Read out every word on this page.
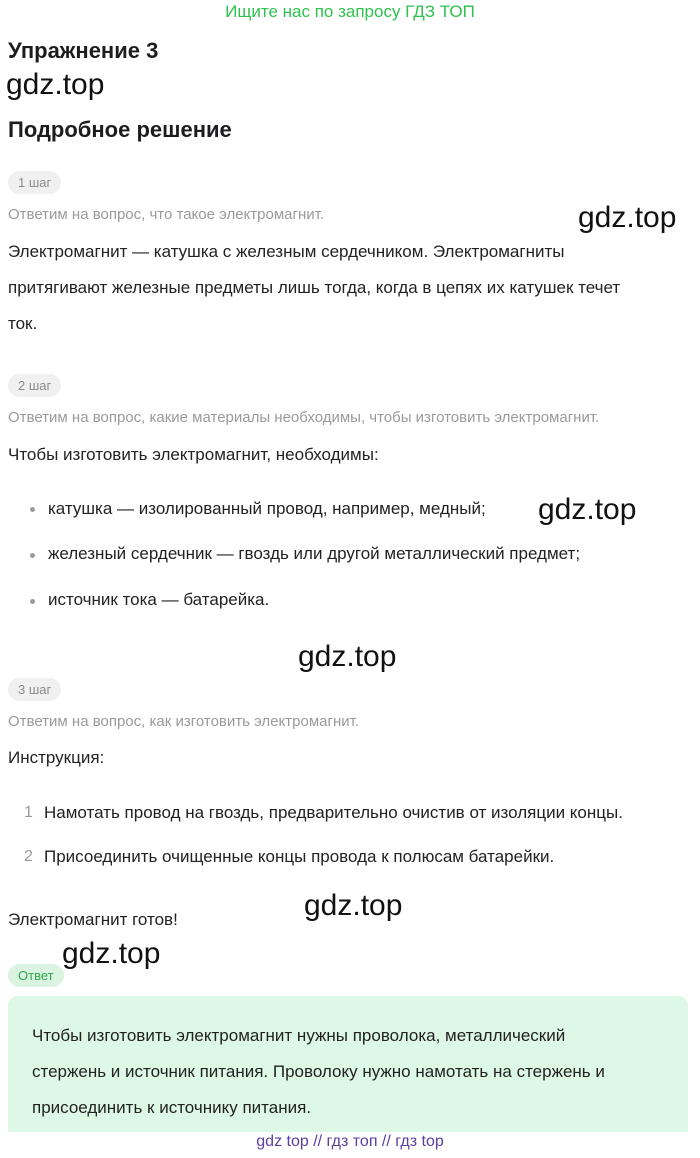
Ищите нас по запросу ГДЗ ТОП
Упражнение 3
gdz.top
Подробное решение
1 шаг
Ответим на вопрос, что такое электромагнит.	gdz.top
Электромагнит — катушка с железным сердечником. Электромагниты
притягивают железные предметы лишь тогда, когда в цепях их катушек течет
ток.
2 шаг
Ответим на вопрос, какие материалы необходимы, чтобы изготовить электромагнит.
Чтобы изготовить электромагнит, необходимы:
катушка — изолированный провод, например, медный; gdz.top
железный сердечник — гвоздь или другой металлический предмет;
источник тока — батарейка.
gdz.top
3 шаг
Ответим на вопрос, как изготовить электромагнит.
Инструкция:
1 Намотать провод на гвоздь, предварительно очистив от изоляции концы.
2 Присоединить очищенные концы провода к полюсам батарейки.
gdz.top
Электромагнит готов!
gdz.top
Ответ
Чтобы изготовить электромагнит нужны проволока, металлический
стержень и источник питания. Проволоку нужно намотать на стержень и
присоединить к источнику питания.
gdz top // гдз топ // гдз top
